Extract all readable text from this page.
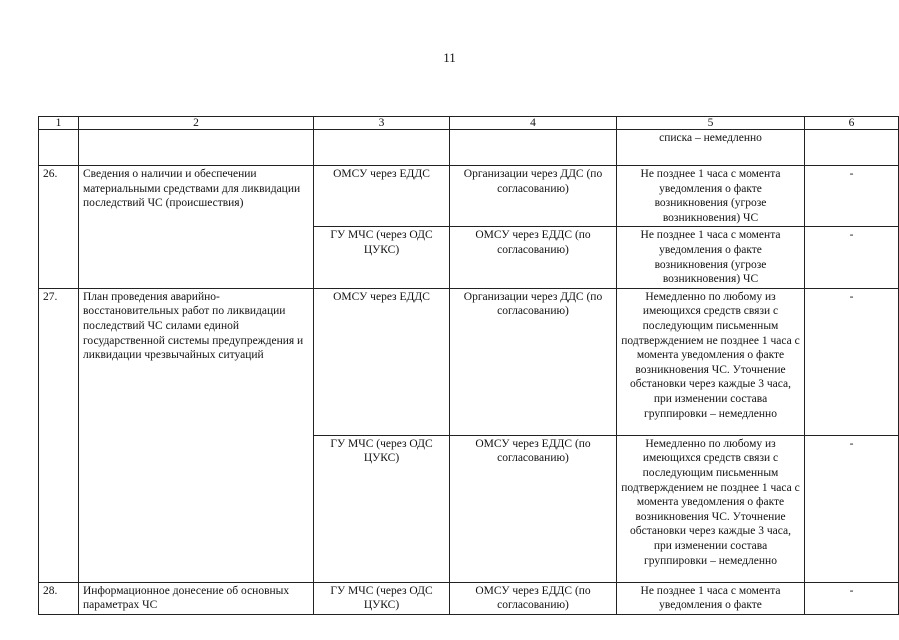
11
1	2	3	4	5	6
				списка – немедленно	
26.	Сведения о наличии и обеспечении материальными средствами для ликвидации последствий ЧС (происшествия)	ОМСУ через ЕДДС	Организации через ДДС (по согласованию)	Не позднее 1 часа с момента уведомления о факте возникновения (угрозе возникновения) ЧС	-
		ГУ МЧС (через ОДС ЦУКС)	ОМСУ через ЕДДС (по согласованию)	Не позднее 1 часа с момента уведомления о факте возникновения (угрозе возникновения) ЧС	-
27.	План проведения аварийно-восстановительных работ по ликвидации последствий ЧС силами единой государственной системы предупреждения и ликвидации чрезвычайных ситуаций	ОМСУ через ЕДДС	Организации через ДДС (по согласованию)	Немедленно по любому из имеющихся средств связи с последующим письменным подтверждением не позднее 1 часа с момента уведомления о факте возникновения ЧС. Уточнение обстановки через каждые 3 часа, при изменении состава группировки – немедленно	-
		ГУ МЧС (через ОДС ЦУКС)	ОМСУ через ЕДДС (по согласованию)	Немедленно по любому из имеющихся средств связи с последующим письменным подтверждением не позднее 1 часа с момента уведомления о факте возникновения ЧС. Уточнение обстановки через каждые 3 часа, при изменении состава группировки – немедленно	-
28.	Информационное донесение об основных параметрах ЧС	ГУ МЧС (через ОДС ЦУКС)	ОМСУ через ЕДДС (по согласованию)	Не позднее 1 часа с момента уведомления о факте	-
